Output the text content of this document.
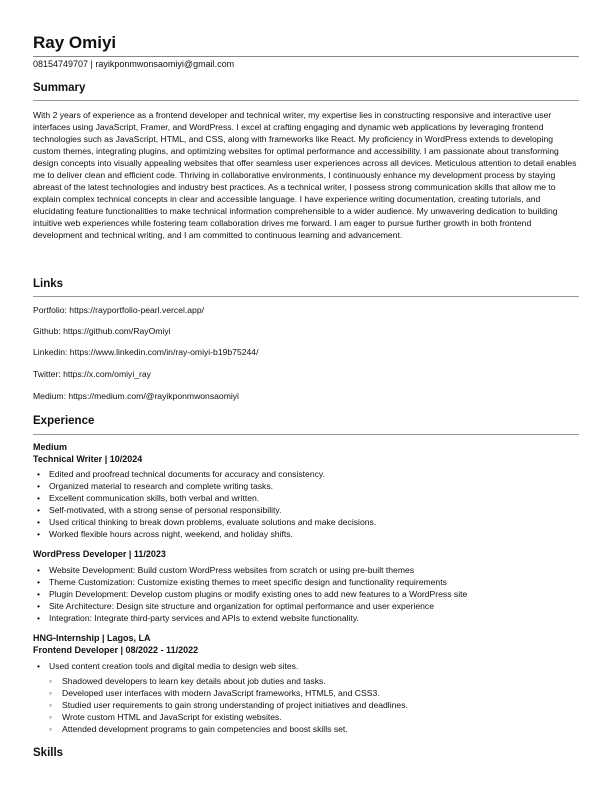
Ray Omiyi
08154749707 | rayikponmwonsaomiyi@gmail.com
Summary

With 2 years of experience as a frontend developer and technical writer, my expertise lies in constructing responsive and interactive user interfaces using JavaScript, Framer, and WordPress. I excel at crafting engaging and dynamic web applications by leveraging frontend technologies such as JavaScript, HTML, and CSS, along with frameworks like React. My proficiency in WordPress extends to developing custom themes, integrating plugins, and optimizing websites for optimal performance and accessibility. I am passionate about transforming design concepts into visually appealing websites that offer seamless user experiences across all devices. Meticulous attention to detail enables me to deliver clean and efficient code. Thriving in collaborative environments, I continuously enhance my development process by staying abreast of the latest technologies and industry best practices. As a technical writer, I possess strong communication skills that allow me to explain complex technical concepts in clear and accessible language. I have experience writing documentation, creating tutorials, and elucidating feature functionalities to make technical information comprehensible to a wider audience. My unwavering dedication to building intuitive web experiences while fostering team collaboration drives me forward. I am eager to pursue further growth in both frontend development and technical writing, and I am committed to continuous learning and advancement.

Links

Portfolio: https://rayportfolio-pearl.vercel.app/

Github: https://github.com/RayOmiyi

Linkedin: https://www.linkedin.com/in/ray-omiyi-b19b75244/

Twitter: https://x.com/omiyi_ray

Medium: https://medium.com/@rayikponmwonsaomiyi

Experience

Medium

Technical Writer | 10/2024

• Edited and proofread technical documents for accuracy and consistency.
• Organized material to research and complete writing tasks.
• Excellent communication skills, both verbal and written.
• Self-motivated, with a strong sense of personal responsibility.
• Used critical thinking to break down problems, evaluate solutions and make decisions.
• Worked flexible hours across night, weekend, and holiday shifts.

WordPress Developer | 11/2023

• Website Development: Build custom WordPress websites from scratch or using pre-built themes
• Theme Customization: Customize existing themes to meet specific design and functionality requirements
• Plugin Development: Develop custom plugins or modify existing ones to add new features to a WordPress site
• Site Architecture: Design site structure and organization for optimal performance and user experience
• Integration: Integrate third-party services and APIs to extend website functionality.

HNG-Internship | Lagos, LA

Frontend Developer | 08/2022 - 11/2022

• Used content creation tools and digital media to design web sites.
◦ Shadowed developers to learn key details about job duties and tasks.
◦ Developed user interfaces with modern JavaScript frameworks, HTML5, and CSS3.
◦ Studied user requirements to gain strong understanding of project initiatives and deadlines.
◦ Wrote custom HTML and JavaScript for existing websites.
◦ Attended development programs to gain competencies and boost skills set.
Skills
